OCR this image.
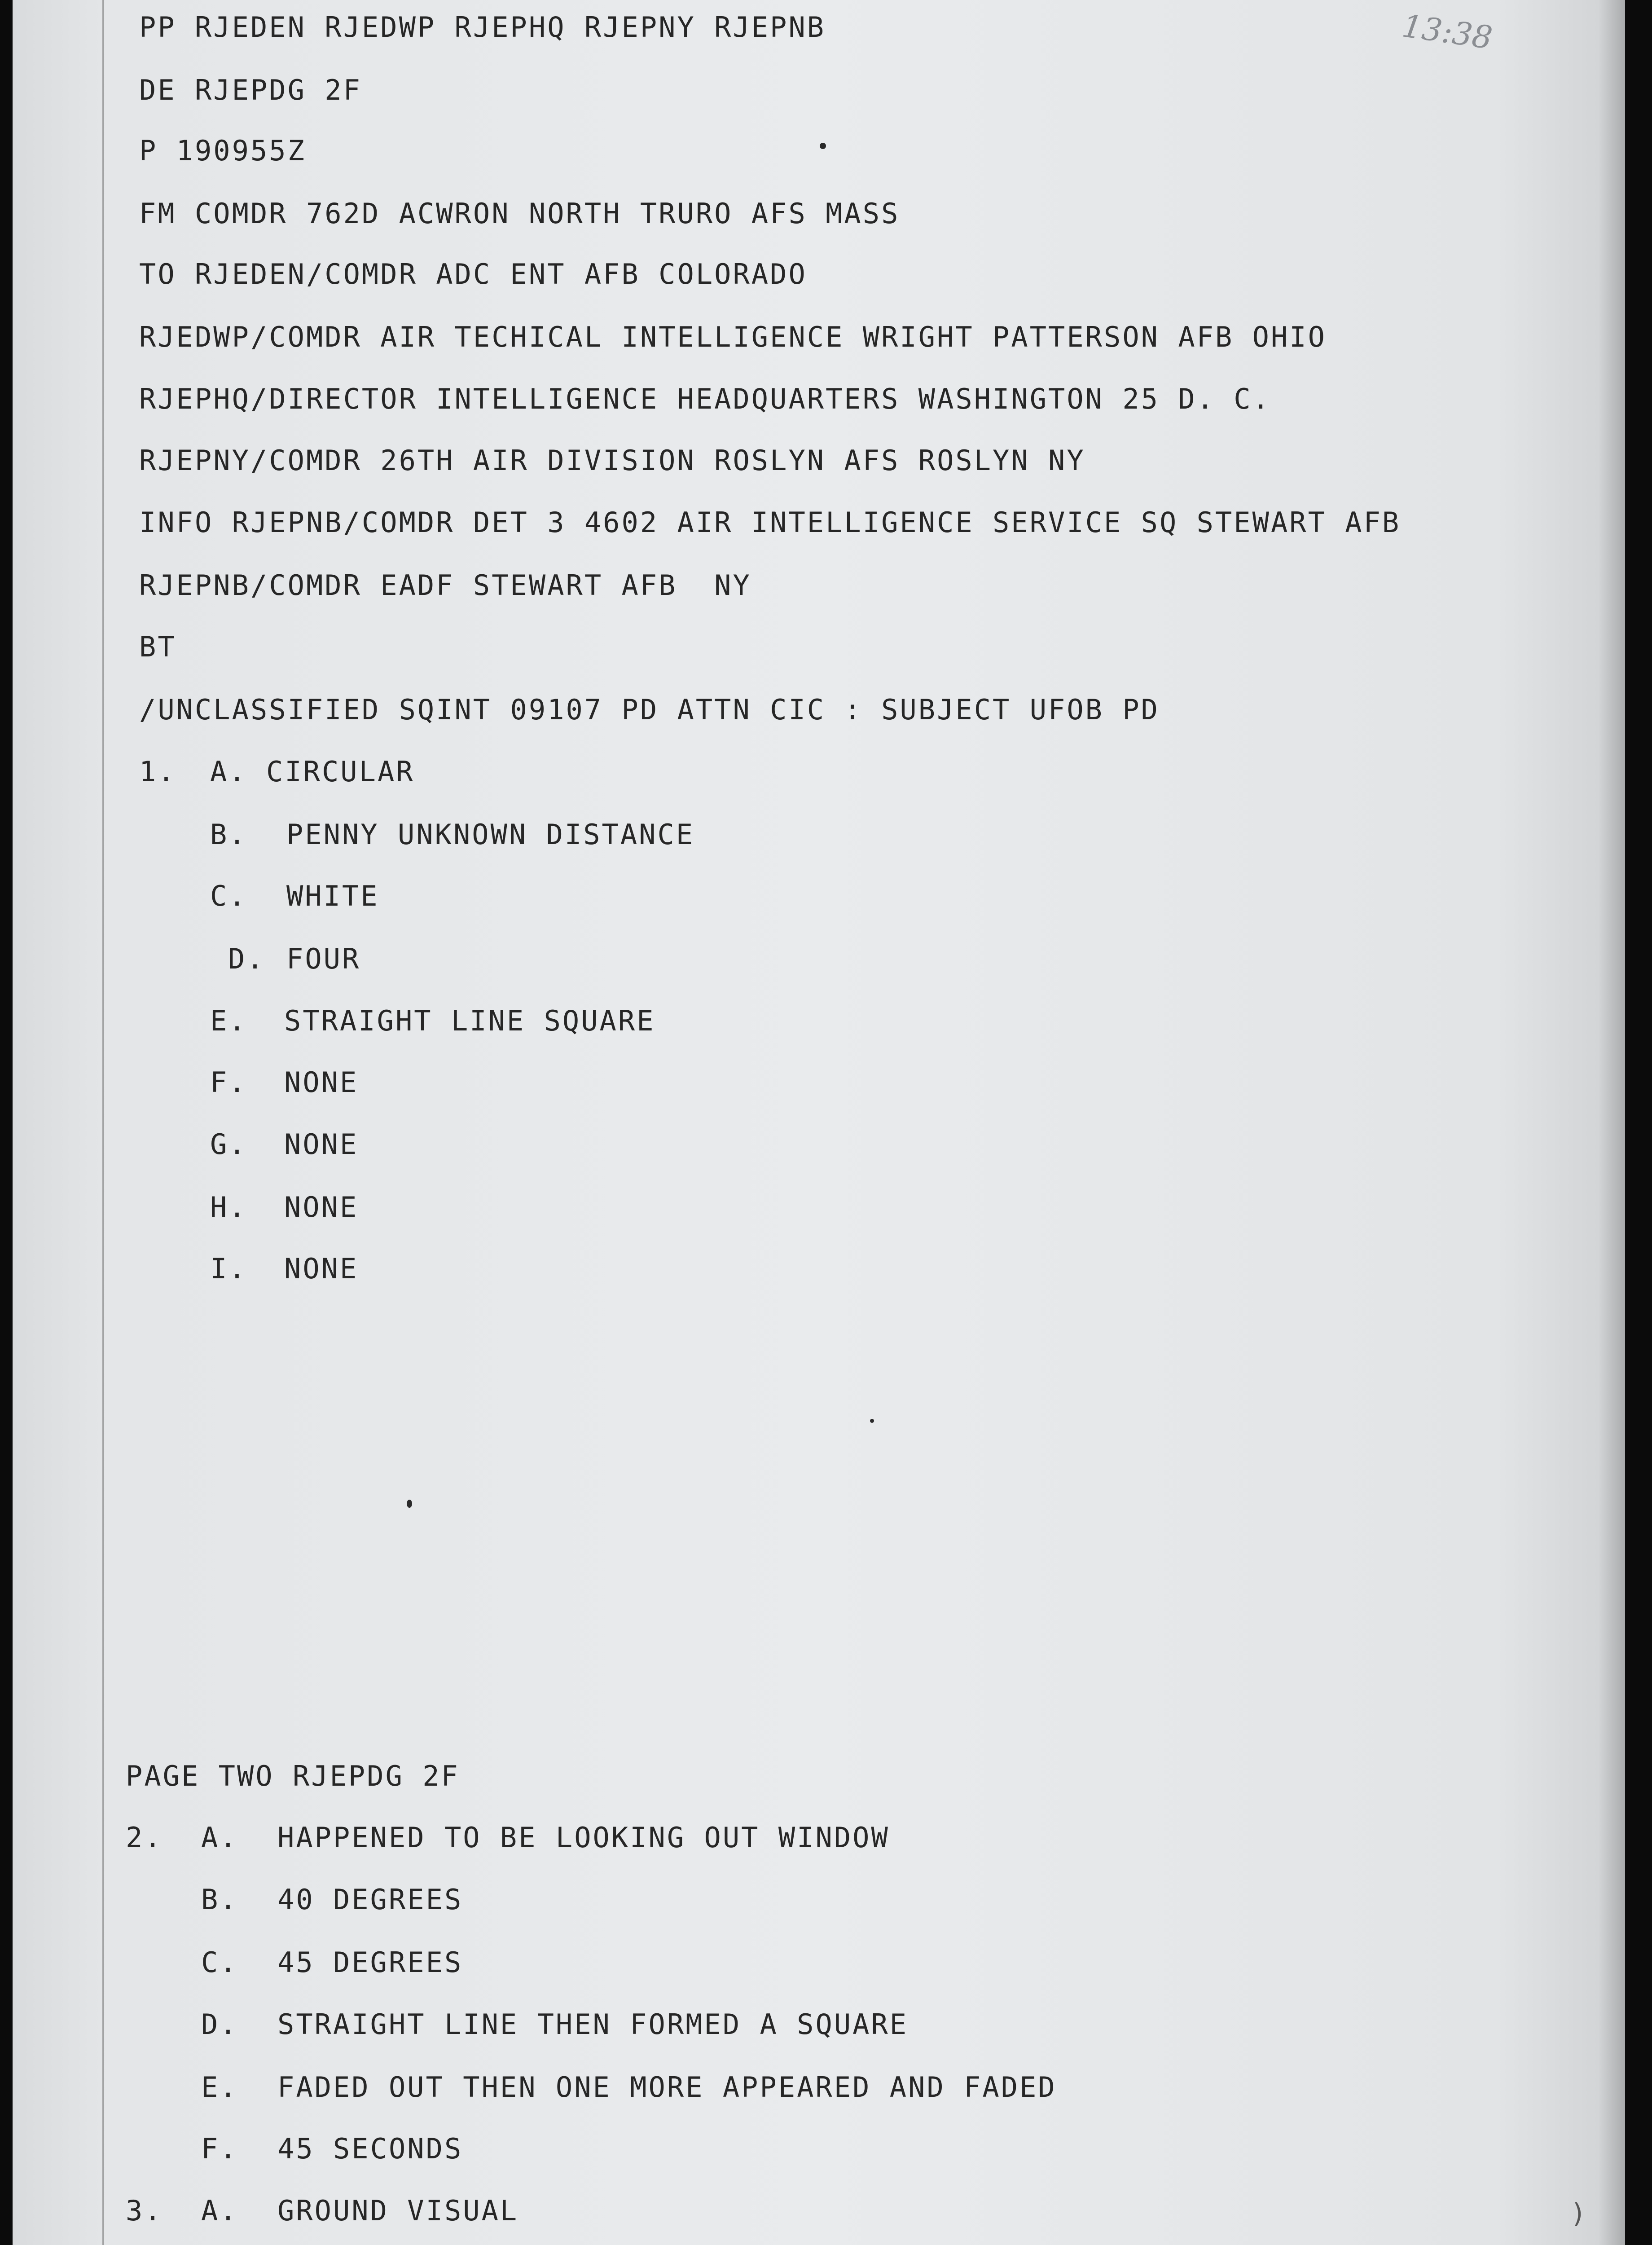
13:38
PP RJEDEN RJEDWP RJEPHQ RJEPNY RJEPNB
DE RJEPDG 2F
P 190955Z
FM COMDR 762D ACWRON NORTH TRURO AFS MASS
TO RJEDEN/COMDR ADC ENT AFB COLORADO
RJEDWP/COMDR AIR TECHICAL INTELLIGENCE WRIGHT PATTERSON AFB OHIO
RJEPHQ/DIRECTOR INTELLIGENCE HEADQUARTERS WASHINGTON 25 D. C.
RJEPNY/COMDR 26TH AIR DIVISION ROSLYN AFS ROSLYN NY
INFO RJEPNB/COMDR DET 3 4602 AIR INTELLIGENCE SERVICE SQ STEWART AFB
RJEPNB/COMDR EADF STEWART AFB  NY
BT
/UNCLASSIFIED SQINT 09107 PD ATTN CIC : SUBJECT UFOB PD
1. A. CIRCULAR
B. PENNY UNKNOWN DISTANCE
C. WHITE
D. FOUR
E. STRAIGHT LINE SQUARE
F. NONE
G. NONE
H. NONE
I. NONE
PAGE TWO RJEPDG 2F
2. A. HAPPENED TO BE LOOKING OUT WINDOW
B. 40 DEGREES
C. 45 DEGREES
D. STRAIGHT LINE THEN FORMED A SQUARE
E. FADED OUT THEN ONE MORE APPEARED AND FADED
F. 45 SECONDS
3. A. GROUND VISUAL	)
